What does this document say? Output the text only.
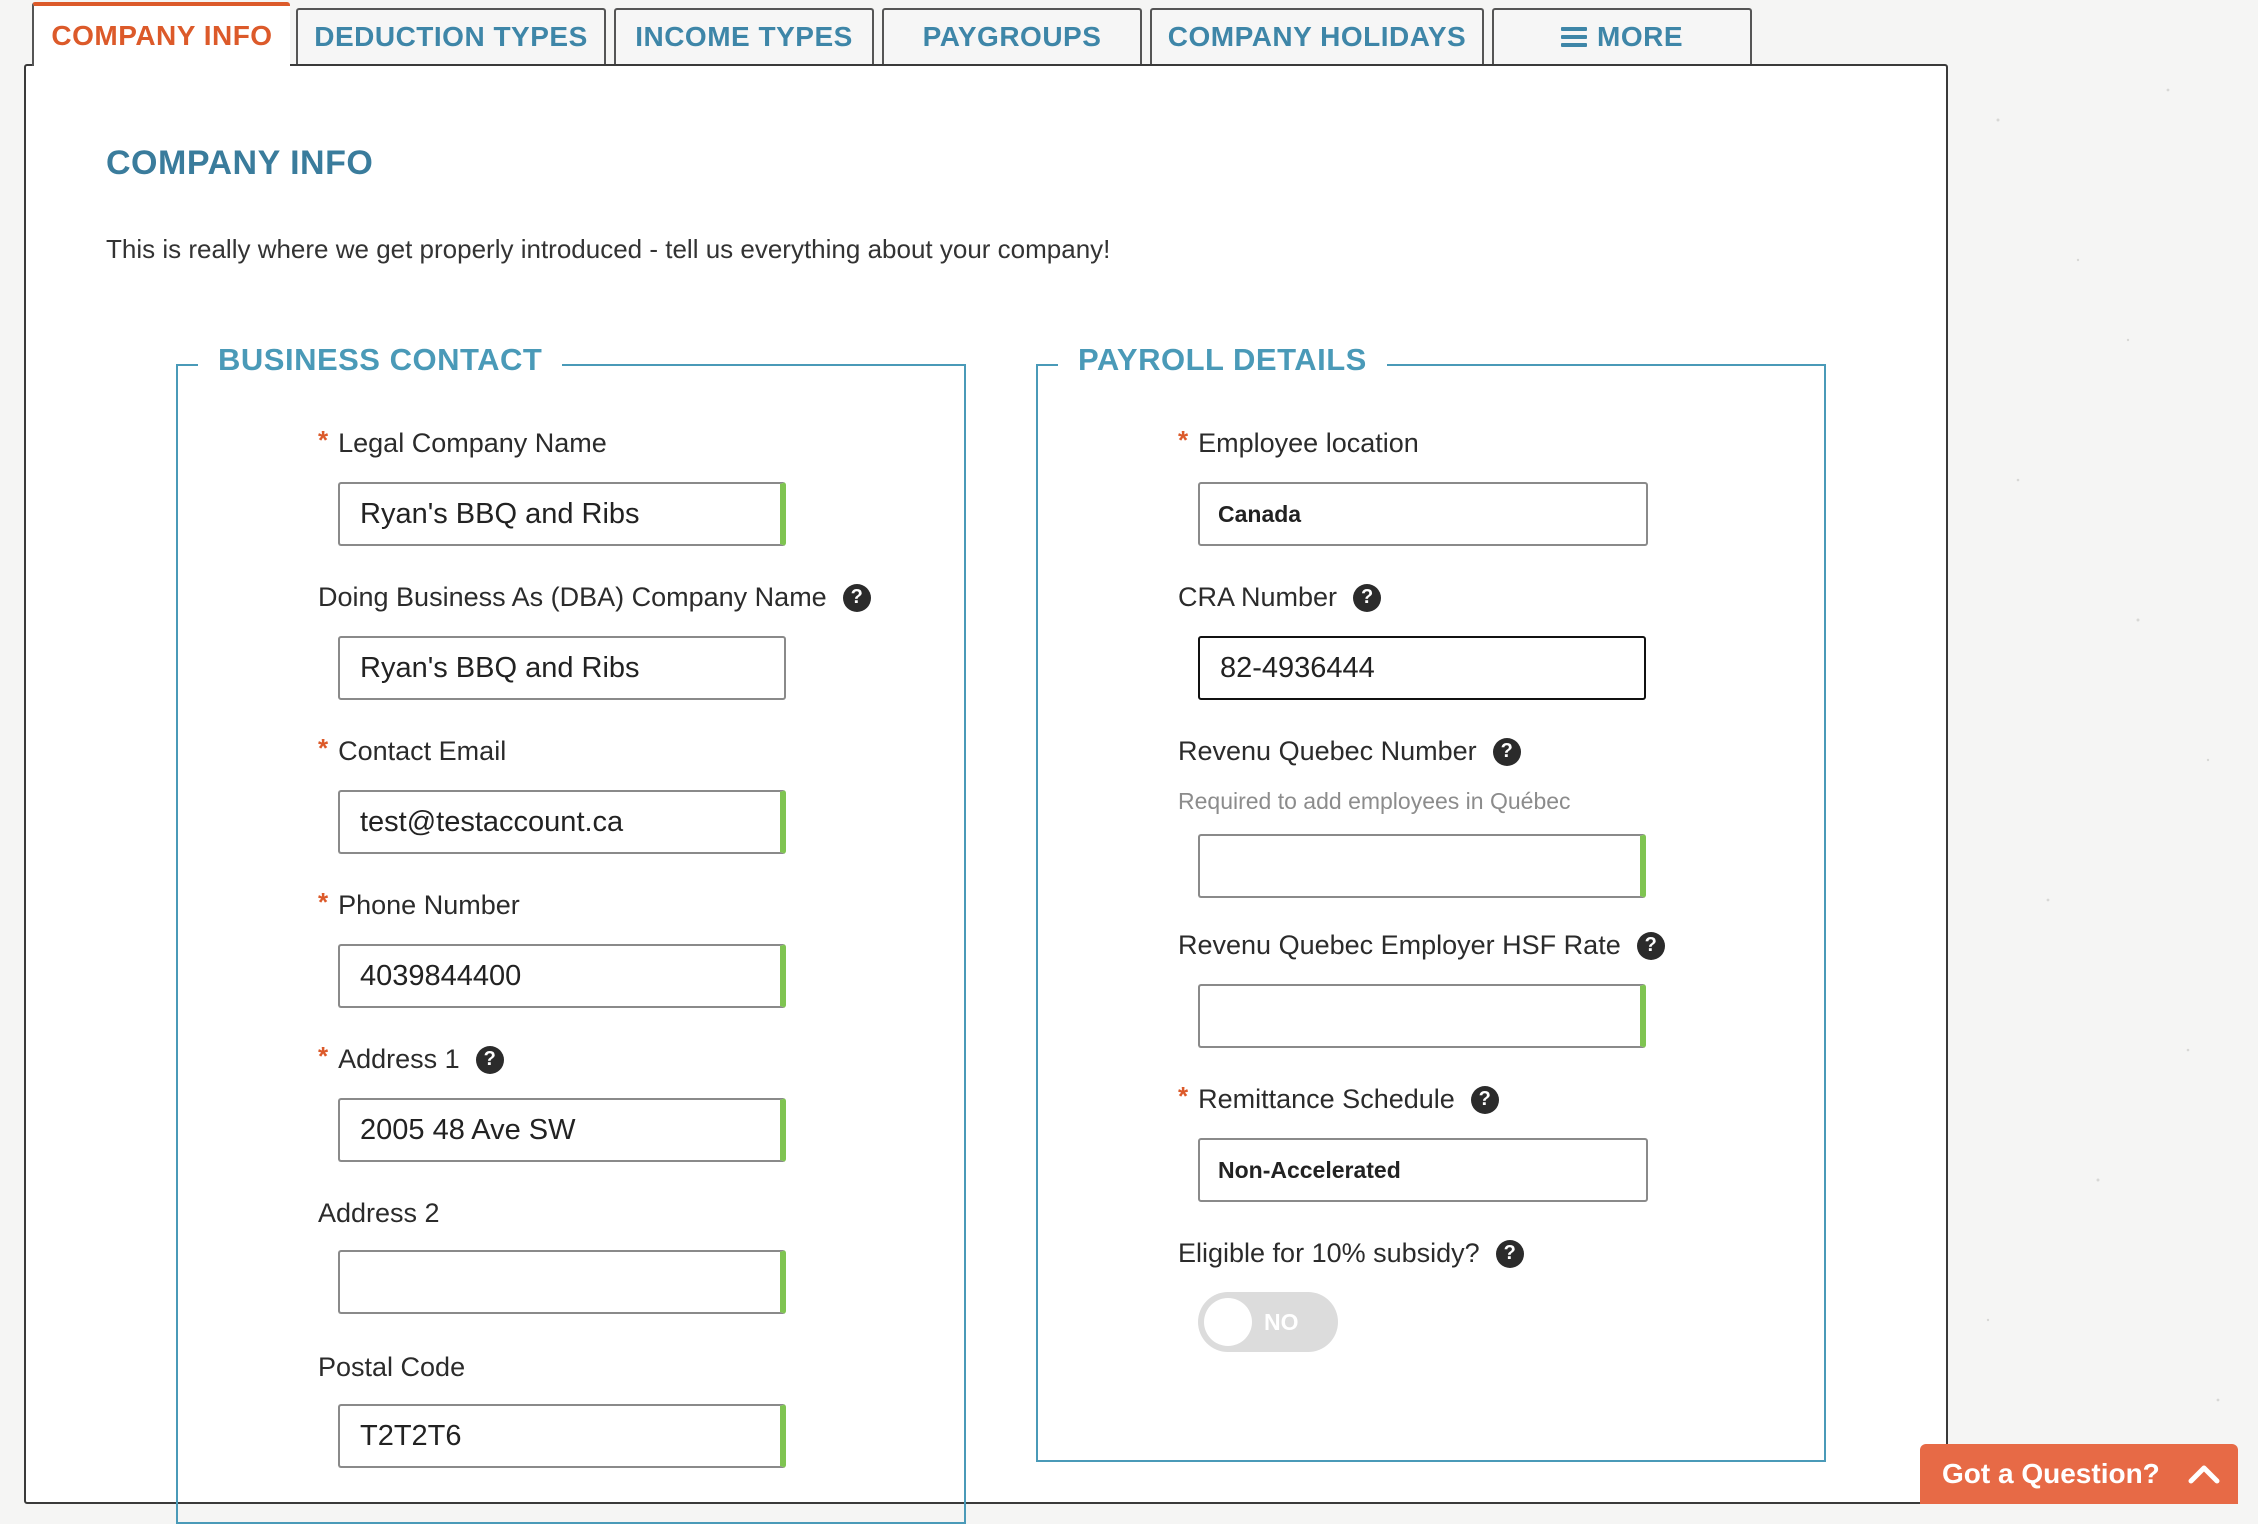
COMPANY INFO DEDUCTION TYPES INCOME TYPES PAYGROUPS COMPANY HOLIDAYS	MORE
COMPANY INFO
This is really where we get properly introduced - tell us everything about your company!
BUSINESS CONTACT
* Legal Company Name
Ryan's BBQ and Ribs
Doing Business As (DBA) Company Name	?
Ryan's BBQ and Ribs
* Contact Email
test@testaccount.ca
* Phone Number
4039844400
* Address 1	?
2005 48 Ave SW
Address 2
Postal Code
T2T2T6
PAYROLL DETAILS
* Employee location
Canada
CRA Number	?
82-4936444
Revenu Quebec Number	?
Required to add employees in Québec
Revenu Quebec Employer HSF Rate	?
* Remittance Schedule	?
Non-Accelerated
Eligible for 10% subsidy?	?
NO
Got a Question?
